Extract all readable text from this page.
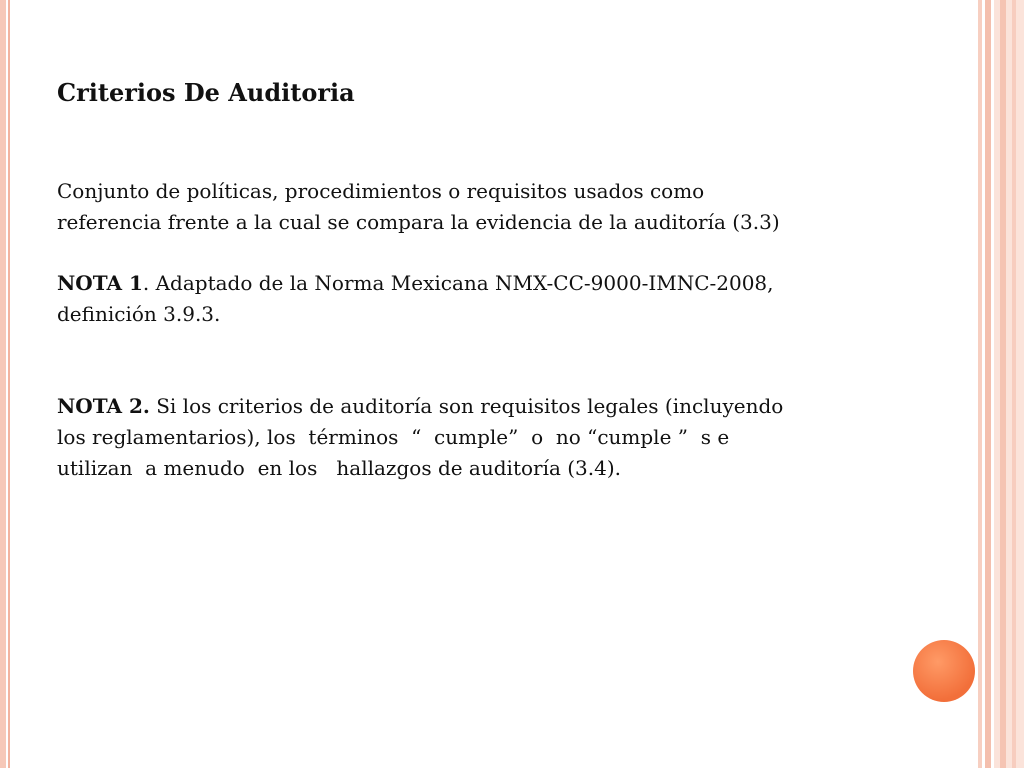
Criterios De Auditoria

Conjunto de políticas, procedimientos o requisitos usados como
referencia frente a la cual se compara la evidencia de la auditoría (3.3)

NOTA 1. Adaptado de la Norma Mexicana NMX-CC-9000-IMNC-2008,
definición 3.9.3.

NOTA 2. Si los criterios de auditoría son requisitos legales (incluyendo
los reglamentarios), los  términos  “  cumple”  o  no “cumple ”  s e
utilizan  a menudo  en los   hallazgos de auditoría (3.4).
